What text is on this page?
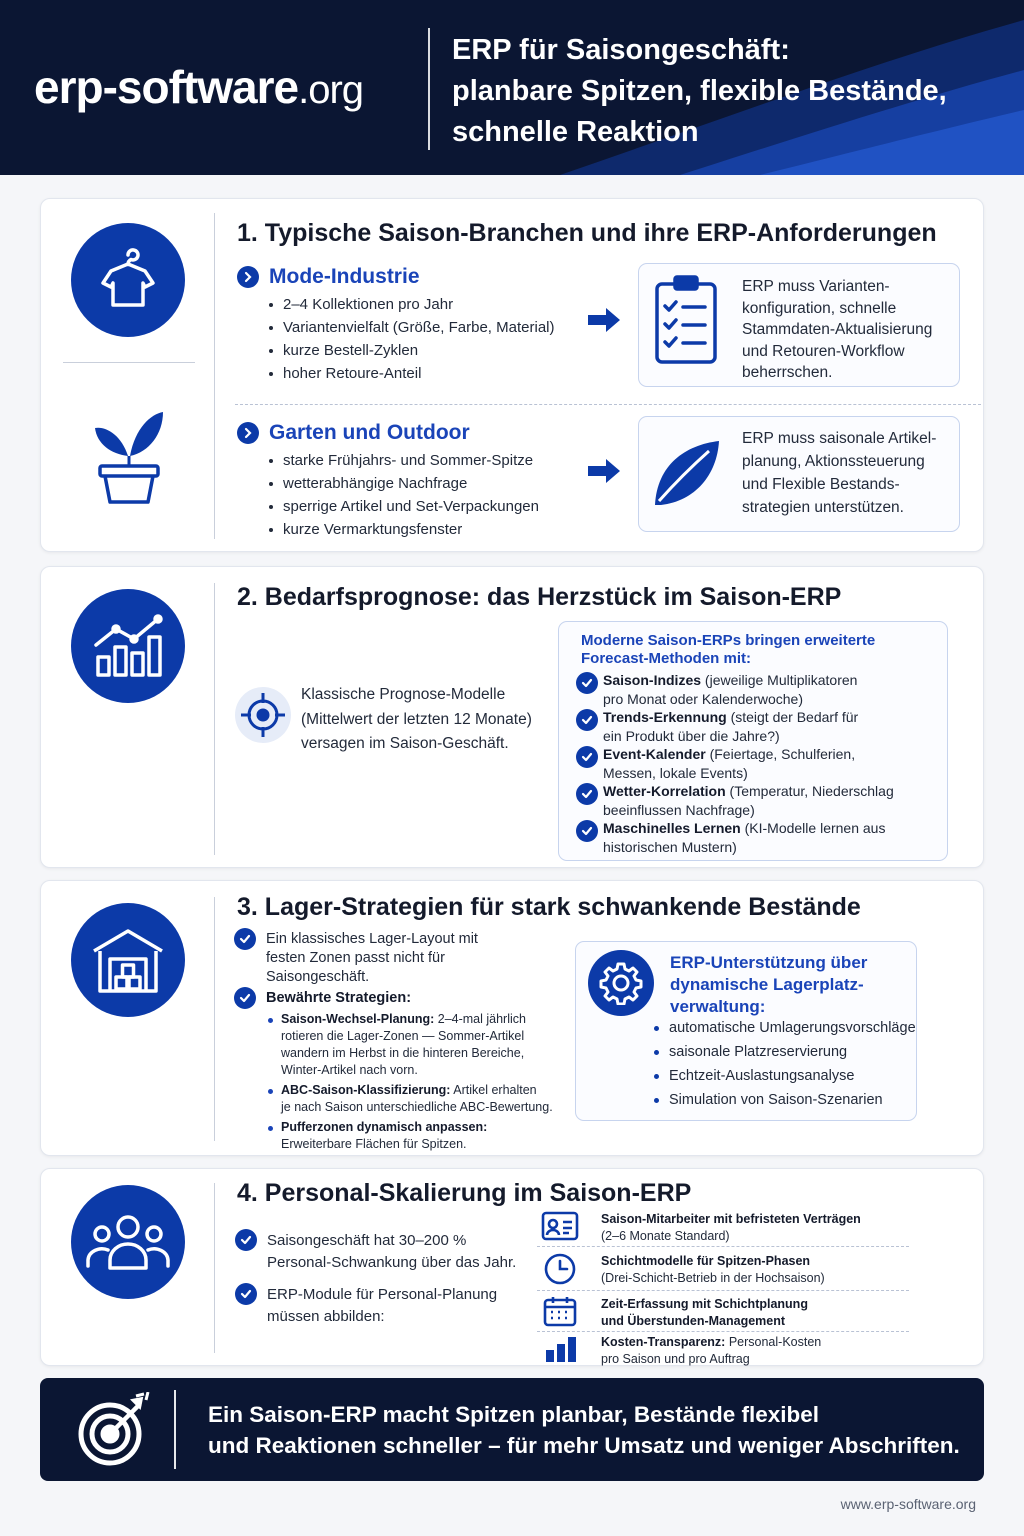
erp-software.org
ERP für Saisongeschäft:
planbare Spitzen, flexible Bestände,
schnelle Reaktion
1. Typische Saison-Branchen und ihre ERP-Anforderungen
Mode-Industrie
2–4 Kollektionen pro Jahr
Variantenvielfalt (Größe, Farbe, Material)
kurze Bestell-Zyklen
hoher Retoure-Anteil
ERP muss Varianten-
konfiguration, schnelle
Stammdaten-Aktualisierung
und Retouren-Workflow
beherrschen.
Garten und Outdoor
starke Frühjahrs- und Sommer-Spitze
wetterabhängige Nachfrage
sperrige Artikel und Set-Verpackungen
kurze Vermarktungsfenster
ERP muss saisonale Artikel-
planung, Aktionssteuerung
und Flexible Bestands-
strategien unterstützen.
2. Bedarfsprognose: das Herzstück im Saison-ERP
Klassische Prognose-Modelle
(Mittelwert der letzten 12 Monate)
versagen im Saison-Geschäft.
Moderne Saison-ERPs bringen erweiterte
Forecast-Methoden mit:
Saison-Indizes (jeweilige Multiplikatoren
pro Monat oder Kalenderwoche)
Trends-Erkennung (steigt der Bedarf für
ein Produkt über die Jahre?)
Event-Kalender (Feiertage, Schulferien,
Messen, lokale Events)
Wetter-Korrelation (Temperatur, Niederschlag
beeinflussen Nachfrage)
Maschinelles Lernen (KI-Modelle lernen aus
historischen Mustern)
3. Lager-Strategien für stark schwankende Bestände
ERP-Unterstützung über
dynamische Lagerplatz-
verwaltung:
Ein klassisches Lager-Layout mit
festen Zonen passt nicht für
Saisongeschäft.
Bewährte Strategien:
Saison-Wechsel-Planung: 2–4-mal jährlich
rotieren die Lager-Zonen — Sommer-Artikel
wandern im Herbst in die hinteren Bereiche,
Winter-Artikel nach vorn.
ABC-Saison-Klassifizierung: Artikel erhalten
je nach Saison unterschiedliche ABC-Bewertung.
Pufferzonen dynamisch anpassen:
Erweiterbare Flächen für Spitzen.
automatische Umlagerungsvorschläge
saisonale Platzreservierung
Echtzeit-Auslastungsanalyse
Simulation von Saison-Szenarien
4. Personal-Skalierung im Saison-ERP
Saisongeschäft hat 30–200 %
Personal-Schwankung über das Jahr.
ERP-Module für Personal-Planung
müssen abbilden:
Saison-Mitarbeiter mit befristeten Verträgen
(2–6 Monate Standard)
Schichtmodelle für Spitzen-Phasen
(Drei-Schicht-Betrieb in der Hochsaison)
Zeit-Erfassung mit Schichtplanung
und Überstunden-Management
Kosten-Transparenz: Personal-Kosten
pro Saison und pro Auftrag
Ein Saison-ERP macht Spitzen planbar, Bestände flexibel
und Reaktionen schneller – für mehr Umsatz und weniger Abschriften.
www.erp-software.org
